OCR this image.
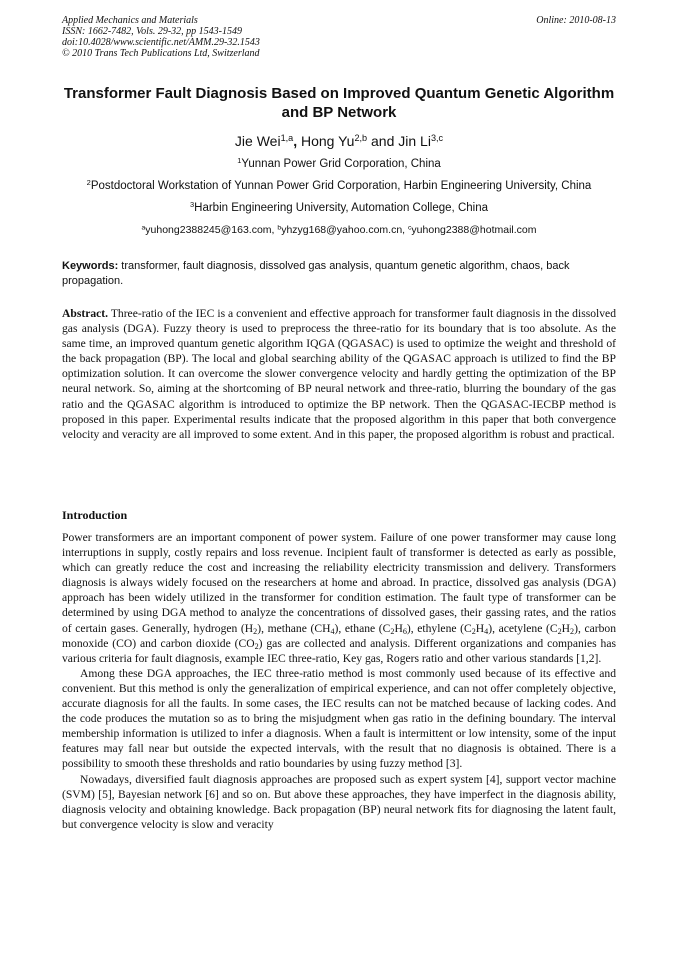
Applied Mechanics and Materials
ISSN: 1662-7482, Vols. 29-32, pp 1543-1549
doi:10.4028/www.scientific.net/AMM.29-32.1543
© 2010 Trans Tech Publications Ltd, Switzerland
Online: 2010-08-13
Transformer Fault Diagnosis Based on Improved Quantum Genetic Algorithm and BP Network
Jie Wei$^{1,a}$, Hong Yu$^{2,b}$ and Jin Li$^{3,c}$
$^1$Yunnan Power Grid Corporation, China
$^2$Postdoctoral Workstation of Yunnan Power Grid Corporation, Harbin Engineering University, China
$^3$Harbin Engineering University, Automation College, China
$^a$yuhong2388245@163.com, $^b$yhzyg168@yahoo.com.cn, $^c$yuhong2388@hotmail.com
Keywords: transformer, fault diagnosis, dissolved gas analysis, quantum genetic algorithm, chaos, back propagation.
Abstract. Three-ratio of the IEC is a convenient and effective approach for transformer fault diagnosis in the dissolved gas analysis (DGA). Fuzzy theory is used to preprocess the three-ratio for its boundary that is too absolute. As the same time, an improved quantum genetic algorithm IQGA (QGASAC) is used to optimize the weight and threshold of the back propagation (BP). The local and global searching ability of the QGASAC approach is utilized to find the BP optimization solution. It can overcome the slower convergence velocity and hardly getting the optimization of the BP neural network. So, aiming at the shortcoming of BP neural network and three-ratio, blurring the boundary of the gas ratio and the QGASAC algorithm is introduced to optimize the BP network. Then the QGASAC-IECBP method is proposed in this paper. Experimental results indicate that the proposed algorithm in this paper that both convergence velocity and veracity are all improved to some extent. And in this paper, the proposed algorithm is robust and practical.
Introduction

Power transformers are an important component of power system. Failure of one power transformer may cause long interruptions in supply, costly repairs and loss revenue. Incipient fault of transformer is detected as early as possible, which can greatly reduce the cost and increasing the reliability electricity transmission and delivery. Transformers diagnosis is always widely focused on the researchers at home and abroad. In practice, dissolved gas analysis (DGA) approach has been widely utilized in the transformer for condition estimation. The fault type of transformer can be determined by using DGA method to analyze the concentrations of dissolved gases, their gassing rates, and the ratios of certain gases. Generally, hydrogen $(H_2)$, methane $(CH_4)$, ethane $(C_2H_6)$, ethylene $(C_2H_4)$, acetylene $(C_2H_2)$, carbon monoxide (CO) and carbon dioxide $(CO_2)$ gas are collected and analysis. Different organizations and companies has various criteria for fault diagnosis, example IEC three-ratio, Key gas, Rogers ratio and other various standards [1,2].

Among these DGA approaches, the IEC three-ratio method is most commonly used because of its effective and convenient. But this method is only the generalization of empirical experience, and can not offer completely objective, accurate diagnosis for all the faults. In some cases, the IEC results can not be matched because of lacking codes. And the code produces the mutation so as to bring the misjudgment when gas ratio in the defining boundary. The interval membership information is utilized to infer a diagnosis. When a fault is intermittent or low intensity, some of the input features may fall near but outside the expected intervals, with the result that no diagnosis is obtained. There is a possibility to smooth these thresholds and ratio boundaries by using fuzzy method [3].

Nowadays, diversified fault diagnosis approaches are proposed such as expert system [4], support vector machine (SVM) [5], Bayesian network [6] and so on. But above these approaches, they have imperfect in the diagnosis ability, diagnosis velocity and obtaining knowledge. Back propagation (BP) neural network fits for diagnosing the latent fault, but convergence velocity is slow and veracity
